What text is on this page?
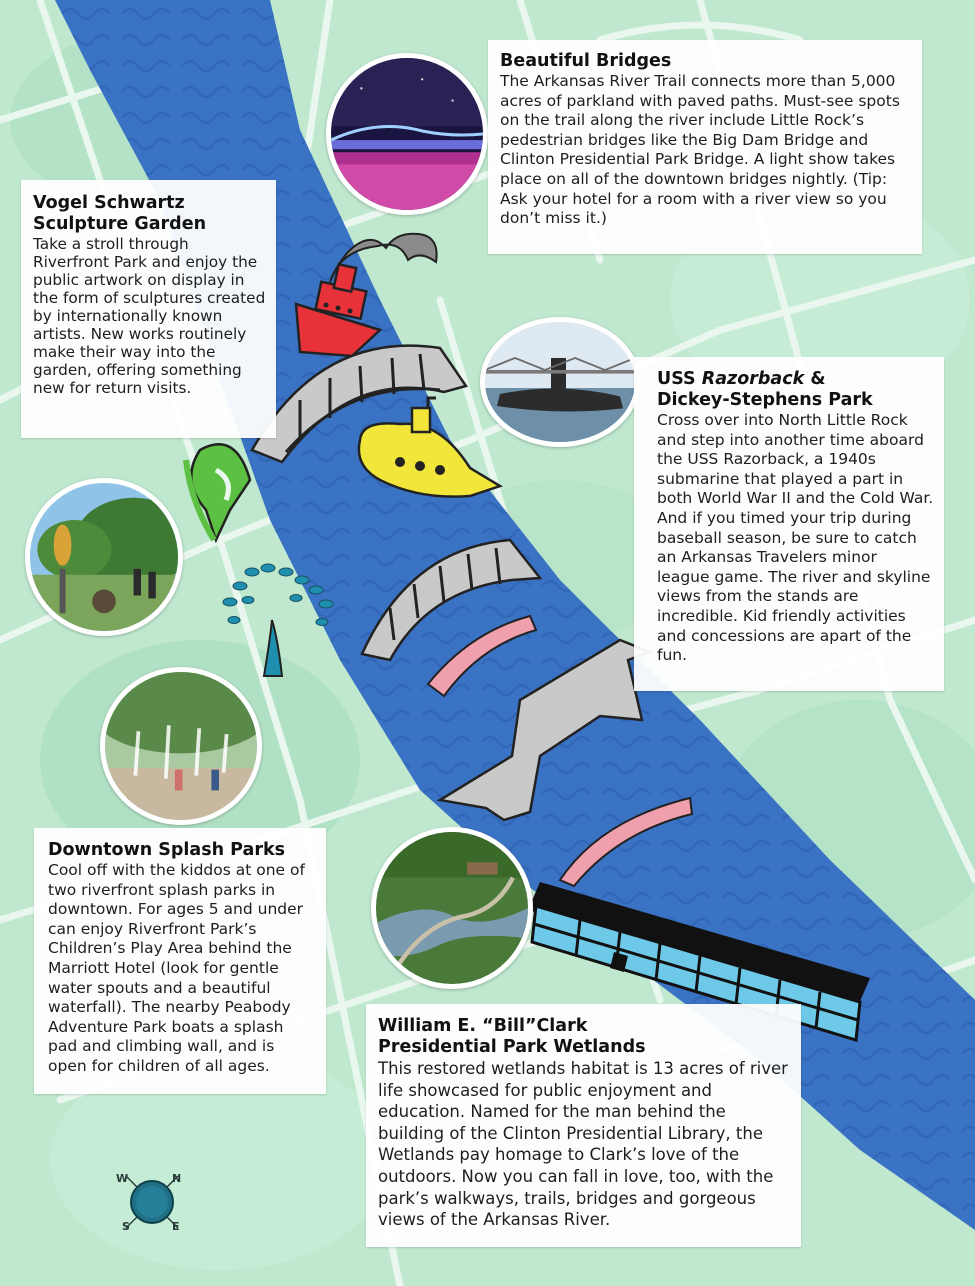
Beautiful Bridges

The Arkansas River Trail connects more than 5,000 acres of parkland with paved paths. Must-see spots on the trail along the river include Little Rock’s pedestrian bridges like the Big Dam Bridge and Clinton Presidential Park Bridge. A light show takes place on all of the downtown bridges nightly. (Tip: Ask your hotel for a room with a river view so you don’t miss it.)

Vogel Schwartz Sculpture Garden

Take a stroll through Riverfront Park and enjoy the public artwork on display in the form of sculptures created by internationally known artists. New works routinely make their way into the garden, offering something new for return visits.	USS Razorback &
Dickey-Stephens Park

Cross over into North Little Rock and step into another time aboard the USS Razorback, a 1940s submarine that played a part in both World War II and the Cold War. And if you timed your trip during baseball season, be sure to catch an Arkansas Travelers minor league game. The river and skyline views from the stands are incredible. Kid friendly activities and concessions are apart of the fun.

Downtown Splash Parks

Cool off with the kiddos at one of two riverfront splash parks in downtown. For ages 5 and under can enjoy Riverfront Park’s Children’s Play Area behind the Marriott Hotel (look for gentle water spouts and a beautiful waterfall). The nearby Peabody Adventure Park boats a splash pad and climbing wall, and is open for children of all ages.

William E. “Bill”Clark
Presidential Park Wetlands

This restored wetlands habitat is 13 acres of river life showcased for public enjoyment and education. Named for the man behind the building of the Clinton Presidential Library, the Wetlands pay homage to Clark’s love of the outdoors. Now you can fall in love, too, with the park’s walkways, trails, bridges and gorgeous views of the Arkansas River.

W	N
S	E
